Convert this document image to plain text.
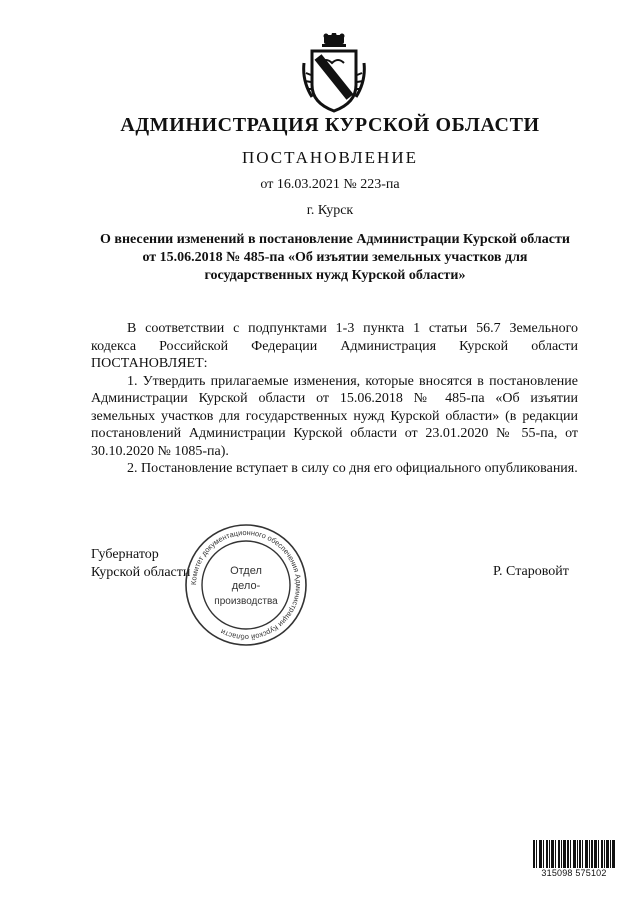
АДМИНИСТРАЦИЯ КУРСКОЙ ОБЛАСТИ
ПОСТАНОВЛЕНИЕ
от 16.03.2021 № 223-па
г. Курск
О внесении изменений в постановление Администрации Курской области от 15.06.2018 № 485-па «Об изъятии земельных участков для государственных нужд Курской области»

В соответствии с подпунктами 1-3 пункта 1 статьи 56.7 Земельного кодекса Российской Федерации Администрация Курской области ПОСТАНОВЛЯЕТ:

1. Утвердить прилагаемые изменения, которые вносятся в постановление Администрации Курской области от 15.06.2018 № 485-па «Об изъятии земельных участков для государственных нужд Курской области» (в редакции постановлений Администрации Курской области от 23.01.2020 № 55-па, от 30.10.2020 № 1085-па).

2. Постановление вступает в силу со дня его официального опубликования.

Губернатор
Курской области
Комитет документационного обеспечения Администрации Курской области
Отдел
дело-
производства
Р. Старовойт
315098 575102
